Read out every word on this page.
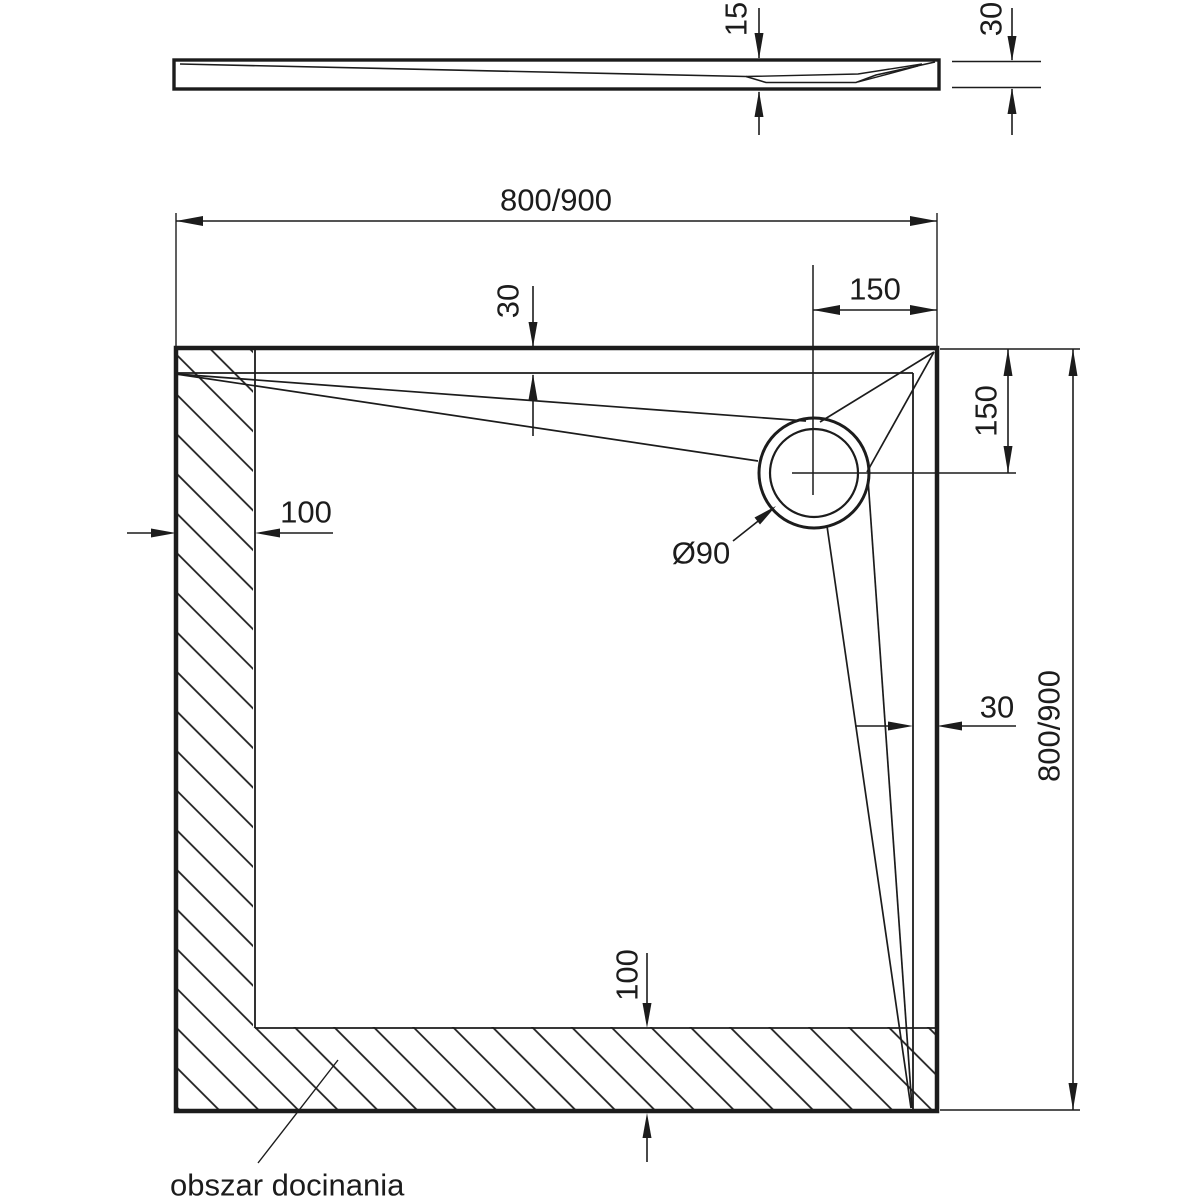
15	30
800/900
30	150
150
30 800/900
100
100
Ø90
obszar docinania
